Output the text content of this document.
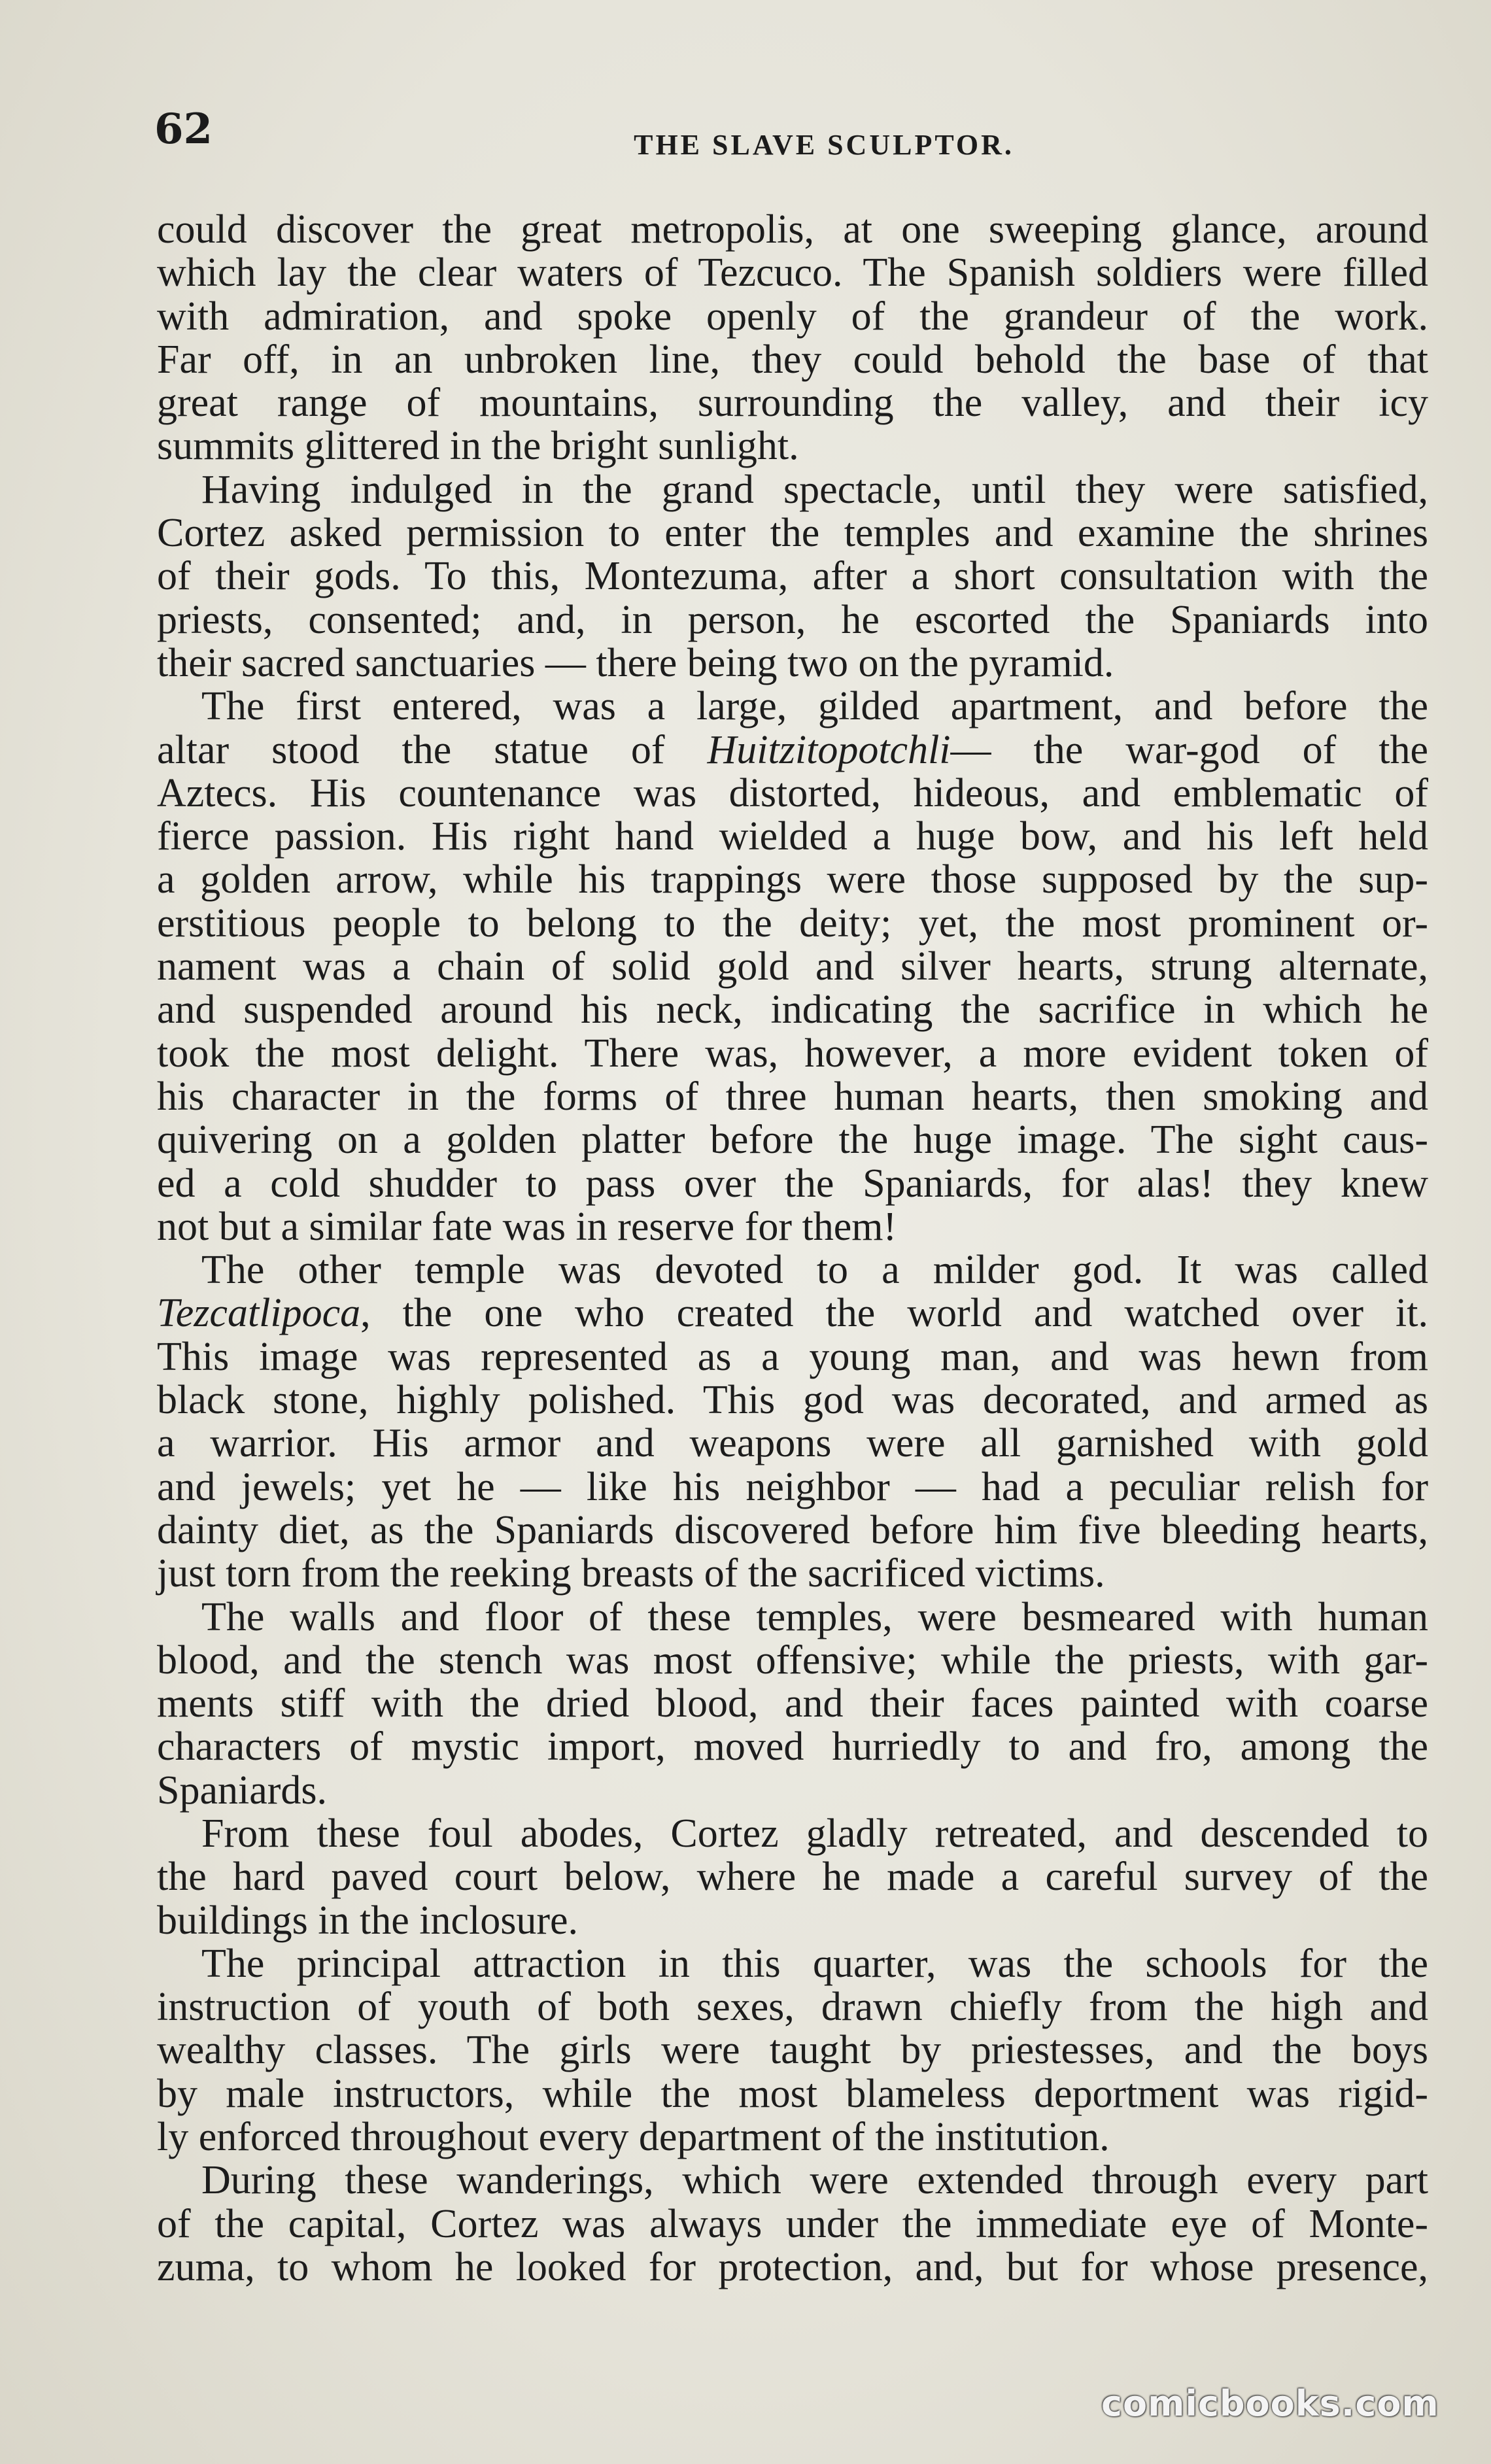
62	THE SLAVE SCULPTOR.

could discover the great metropolis, at one sweeping glance, around

which lay the clear waters of Tezcuco. The Spanish soldiers were filled

with admiration, and spoke openly of the grandeur of the work.

Far off, in an unbroken line, they could behold the base of that

great range of mountains, surrounding the valley, and their icy

summits glittered in the bright sunlight.

Having indulged in the grand spectacle, until they were satisfied,

Cortez asked permission to enter the temples and examine the shrines

of their gods. To this, Montezuma, after a short consultation with the

priests, consented; and, in person, he escorted the Spaniards into

their sacred sanctuaries — there being two on the pyramid.

The first entered, was a large, gilded apartment, and before the

altar stood the statue of Huitzitopotchli— the war-god of the

Aztecs. His countenance was distorted, hideous, and emblematic of

fierce passion. His right hand wielded a huge bow, and his left held

a golden arrow, while his trappings were those supposed by the sup-

erstitious people to belong to the deity; yet, the most prominent or-

nament was a chain of solid gold and silver hearts, strung alternate,

and suspended around his neck, indicating the sacrifice in which he

took the most delight. There was, however, a more evident token of

his character in the forms of three human hearts, then smoking and

quivering on a golden platter before the huge image. The sight caus-

ed a cold shudder to pass over the Spaniards, for alas! they knew

not but a similar fate was in reserve for them!

The other temple was devoted to a milder god. It was called

Tezcatlipoca, the one who created the world and watched over it.

This image was represented as a young man, and was hewn from

black stone, highly polished. This god was decorated, and armed as

a warrior. His armor and weapons were all garnished with gold

and jewels; yet he — like his neighbor — had a peculiar relish for

dainty diet, as the Spaniards discovered before him five bleeding hearts,

just torn from the reeking breasts of the sacrificed victims.

The walls and floor of these temples, were besmeared with human

blood, and the stench was most offensive; while the priests, with gar-

ments stiff with the dried blood, and their faces painted with coarse

characters of mystic import, moved hurriedly to and fro, among the

Spaniards.

From these foul abodes, Cortez gladly retreated, and descended to

the hard paved court below, where he made a careful survey of the

buildings in the inclosure.

The principal attraction in this quarter, was the schools for the

instruction of youth of both sexes, drawn chiefly from the high and

wealthy classes. The girls were taught by priestesses, and the boys

by male instructors, while the most blameless deportment was rigid-

ly enforced throughout every department of the institution.

During these wanderings, which were extended through every part

of the capital, Cortez was always under the immediate eye of Monte-

zuma, to whom he looked for protection, and, but for whose presence,

comicbooks.com
